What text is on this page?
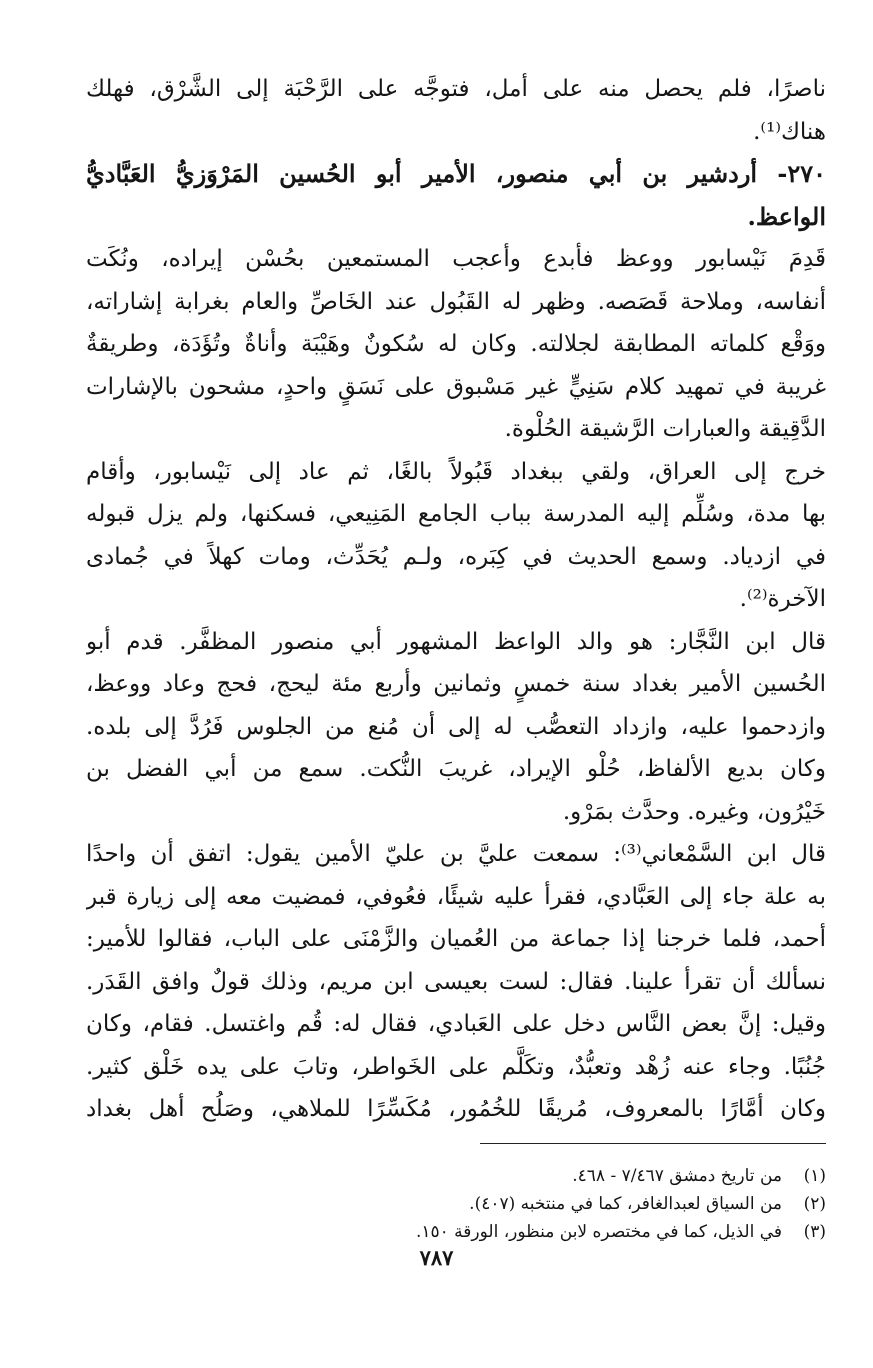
ناصرًا، فلم يحصل منه على أمل، فتوجَّه على الرَّحْبَة إلى الشَّرْق، فهلك
هناك⁽¹⁾.
٢٧٠- أردشير بن أبي منصور، الأمير أبو الحُسين المَرْوَزيُّ العَبَّاديُّ
الواعظ.
قَدِمَ نَيْسابور ووعظ فأبدع وأعجب المستمعين بحُسْن إيراده، ونُكَت
أنفاسه، وملاحة قَصَصه. وظهر له القَبُول عند الخَاصِّ والعام بغرابة إشاراته،
ووَقْع كلماته المطابقة لجلالته. وكان له سُكونٌ وهَيْبَة وأناةٌ وتُؤَدَة، وطريقةٌ
غريبة في تمهيد كلام سَنِيٍّ غير مَسْبوق على نَسَقٍ واحدٍ، مشحون بالإشارات
الدَّقِيقة والعبارات الرَّشيقة الحُلْوة.
خرج إلى العراق، ولقي ببغداد قَبُولاً بالغًا، ثم عاد إلى نَيْسابور، وأقام
بها مدة، وسُلِّم إليه المدرسة بباب الجامع المَنِيعي، فسكنها، ولم يزل قبوله
في ازدياد. وسمع الحديث في كِبَره، ولـم يُحَدِّث، ومات كهلاً في جُمادى
الآخرة⁽²⁾.
قال ابن النَّجَّار: هو والد الواعظ المشهور أبي منصور المظفَّر. قدم أبو
الحُسين الأمير بغداد سنة خمسٍ وثمانين وأربع مئة ليحج، فحج وعاد ووعظ،
وازدحموا عليه، وازداد التعصُّب له إلى أن مُنع من الجلوس فَرُدَّ إلى بلده.
وكان بديع الألفاظ، حُلْو الإيراد، غريبَ النُّكت. سمع من أبي الفضل بن
خَيْرُون، وغيره. وحدَّث بمَرْو.
قال ابن السَّمْعاني⁽³⁾: سمعت عليَّ بن عليّ الأمين يقول: اتفق أن واحدًا
به علة جاء إلى العَبَّادي، فقرأ عليه شيئًا، فعُوفي، فمضيت معه إلى زيارة قبر
أحمد، فلما خرجنا إذا جماعة من العُميان والزَّمْنَى على الباب، فقالوا للأمير:
نسألك أن تقرأ علينا. فقال: لست بعيسى ابن مريم، وذلك قولٌ وافق القَدَر.
وقيل: إنَّ بعض النَّاس دخل على العَبادي، فقال له: قُم واغتسل. فقام، وكان
جُنُبًا. وجاء عنه زُهْد وتعبُّدٌ، وتكَلَّم على الخَواطر، وتابَ على يده خَلْق كثير.
وكان أمَّارًا بالمعروف، مُريقًا للخُمُور، مُكَسِّرًا للملاهي، وصَلُح أهل بغداد
(١)
من تاريخ دمشق ٧/٤٦٧ - ٤٦٨.
(٢)
من السياق لعبدالغافر، كما في منتخبه (٤٠٧).
(٣)
في الذيل، كما في مختصره لابن منظور، الورقة ١٥٠.
٧٨٧
